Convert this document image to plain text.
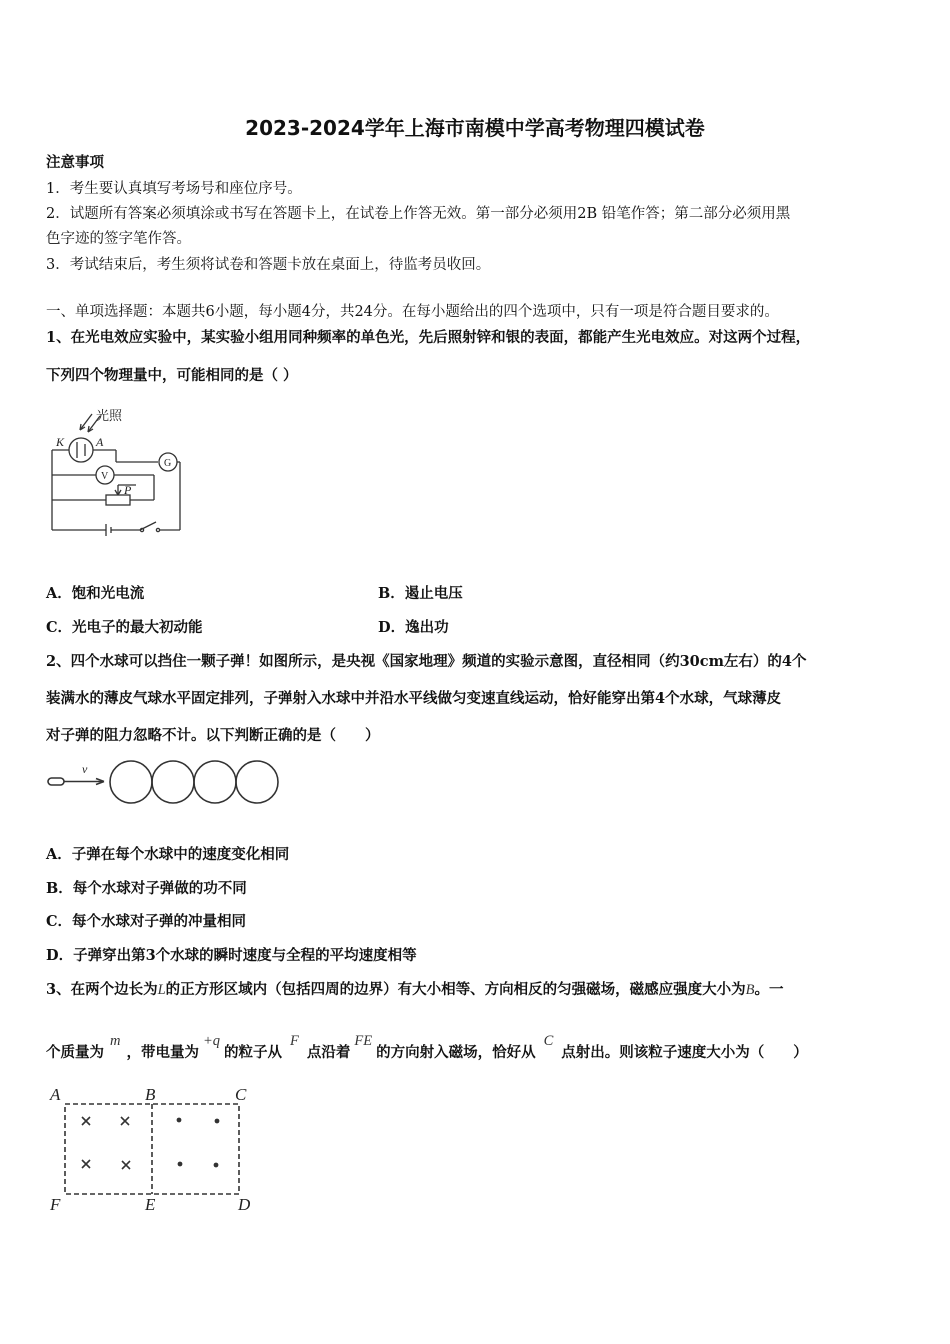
2023-2024学年上海市南模中学高考物理四模试卷
注意事项
1．考生要认真填写考场号和座位序号。
2．试题所有答案必须填涂或书写在答题卡上，在试卷上作答无效。第一部分必须用2B 铅笔作答；第二部分必须用黑
色字迹的签字笔作答。
3．考试结束后，考生须将试卷和答题卡放在桌面上，待监考员收回。
一、单项选择题：本题共6小题，每小题4分，共24分。在每小题给出的四个选项中，只有一项是符合题目要求的。
1、在光电效应实验中，某实验小组用同种频率的单色光，先后照射锌和银的表面，都能产生光电效应。对这两个过程，
下列四个物理量中，可能相同的是（ ）
光照
K	A
G
V
P
A．饱和光电流	B．遏止电压
C．光电子的最大初动能	D．逸出功
2、四个水球可以挡住一颗子弹！如图所示，是央视《国家地理》频道的实验示意图，直径相同（约30cm左右）的4个
装满水的薄皮气球水平固定排列，子弹射入水球中并沿水平线做匀变速直线运动，恰好能穿出第4个水球，气球薄皮
对子弹的阻力忽略不计。以下判断正确的是（　　）
v
A．子弹在每个水球中的速度变化相同
B．每个水球对子弹做的功不同
C．每个水球对子弹的冲量相同
D．子弹穿出第3个水球的瞬时速度与全程的平均速度相等
3、在两个边长为L的正方形区域内（包括四周的边界）有大小相等、方向相反的匀强磁场，磁感应强度大小为B。一
个质量为m，带电量为+q的粒子从F点沿着FE的方向射入磁场，恰好从C点射出。则该粒子速度大小为（　　）
A	B	C
D
E
F
